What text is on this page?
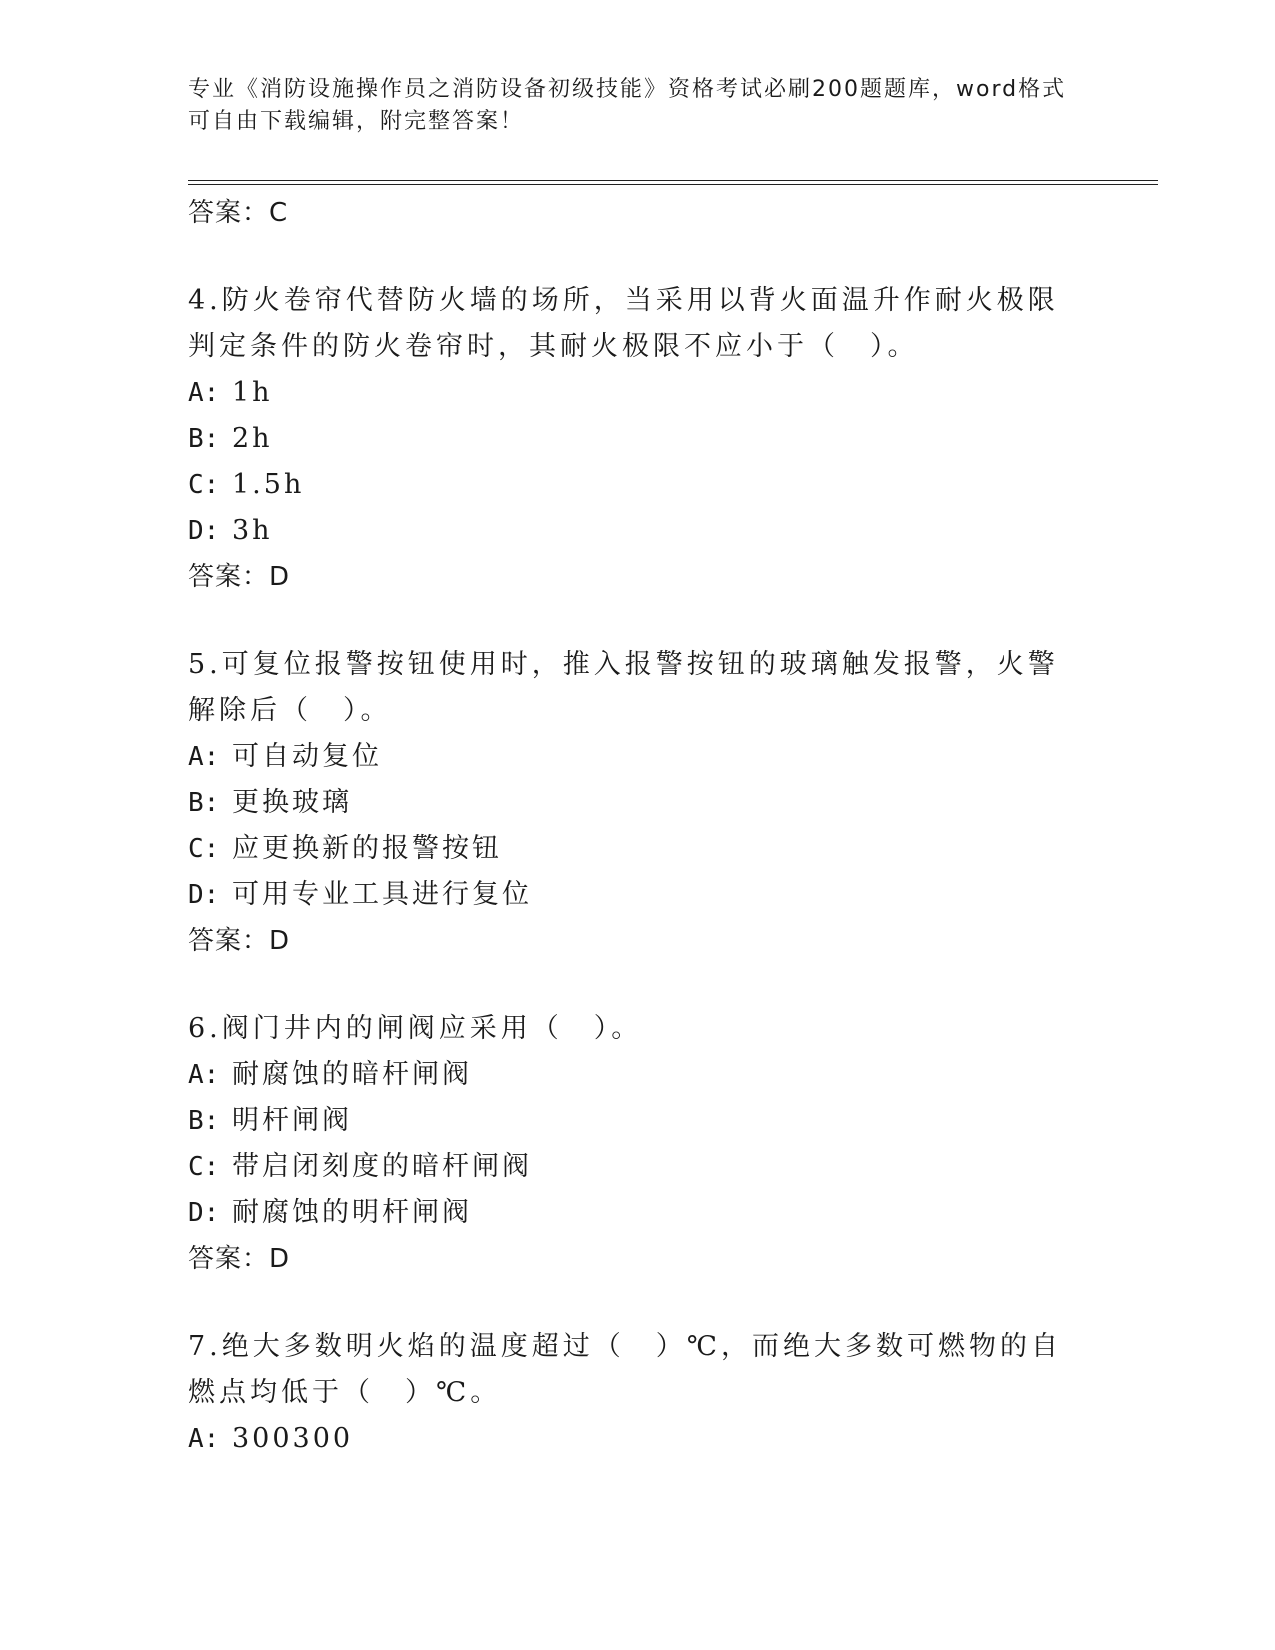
专业《消防设施操作员之消防设备初级技能》资格考试必刷200题题库，word格式可自由下载编辑，附完整答案！
答案：C
4.防火卷帘代替防火墙的场所，当采用以背火面温升作耐火极限判定条件的防火卷帘时，其耐火极限不应小于（　）。
A: 1h
B: 2h
C: 1.5h
D: 3h
答案：D
5.可复位报警按钮使用时，推入报警按钮的玻璃触发报警，火警解除后（　）。
A: 可自动复位
B: 更换玻璃
C: 应更换新的报警按钮
D: 可用专业工具进行复位
答案：D
6.阀门井内的闸阀应采用（　）。
A: 耐腐蚀的暗杆闸阀
B: 明杆闸阀
C: 带启闭刻度的暗杆闸阀
D: 耐腐蚀的明杆闸阀
答案：D
7.绝大多数明火焰的温度超过（　）℃，而绝大多数可燃物的自燃点均低于（　）℃。
A: 300300
